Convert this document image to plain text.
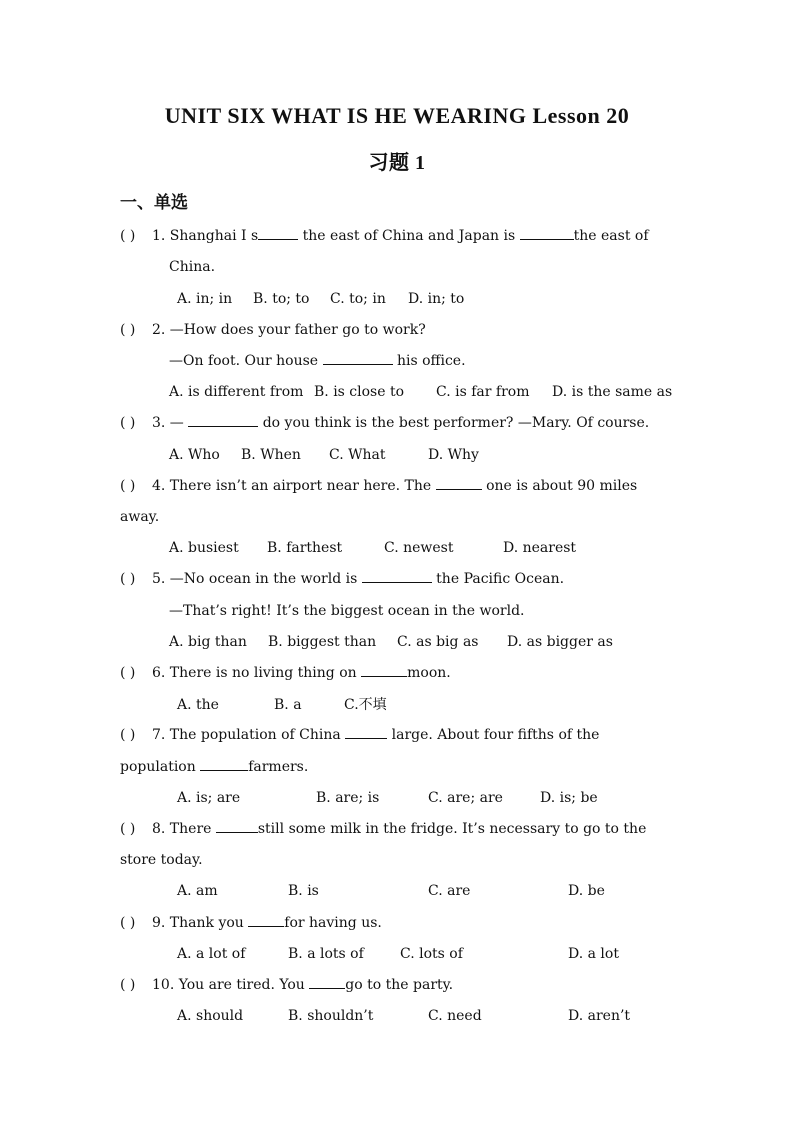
UNIT SIX WHAT IS HE WEARING Lesson 20
习题 1
一、单选
( ) 1. Shanghai I s	the east of China and Japan is	the east of
China.
A. in; in B. to; to C. to; in D. in; to
( ) 2. —How does your father go to work?
—On foot. Our house	his office.
A. is different from B. is close to C. is far from D. is the same as
( ) 3. —	do you think is the best performer? —Mary. Of course.
A. Who B. When C. What	D. Why
( ) 4. There isn’t an airport near here. The	one is about 90 miles
away.
A. busiest B. farthest	C. newest	D. nearest
( ) 5. —No ocean in the world is	the Pacific Ocean.
—That’s right! It’s the biggest ocean in the world.
A. big than B. biggest than C. as big as D. as bigger as
( ) 6. There is no living thing on	moon.
A. the	B. a	C.不填
( ) 7. The population of China	large. About four fifths of the
population	farmers.
A. is; are	B. are; is	C. are; are	D. is; be
( ) 8. There	still some milk in the fridge. It’s necessary to go to the
store today.
A. am	B. is	C. are	D. be
( ) 9. Thank you	for having us.
A. a lot of	B. a lots of	C. lots of	D. a lot
( ) 10. You are tired. You	go to the party.
A. should	B. shouldn’t	C. need	D. aren’t
